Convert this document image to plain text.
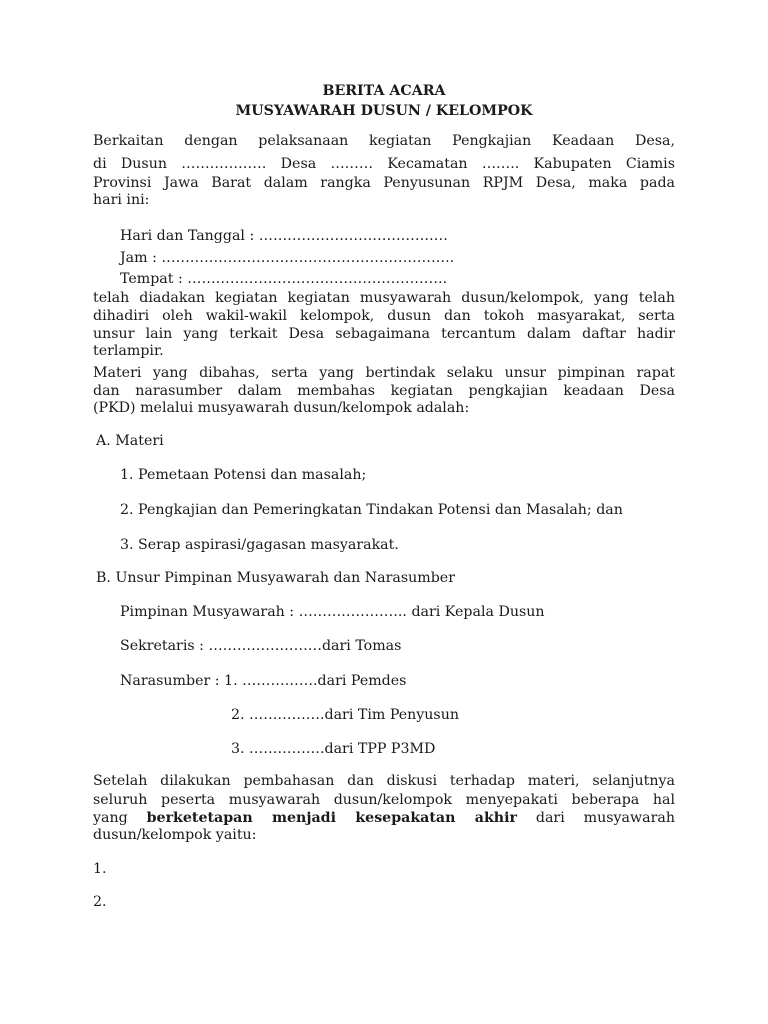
BERITA ACARA
MUSYAWARAH DUSUN / KELOMPOK
Berkaitan dengan pelaksanaan kegiatan Pengkajian Keadaan Desa,
di Dusun ……………… Desa ……… Kecamatan …….. Kabupaten Ciamis
Provinsi Jawa Barat dalam rangka Penyusunan RPJM Desa, maka pada
hari ini:
Hari dan Tanggal : ………………………………….
Jam : ……………………………………………………..
Tempat : ……………………………………………….
telah diadakan kegiatan kegiatan musyawarah dusun/kelompok, yang telah
dihadiri oleh wakil-wakil kelompok, dusun dan tokoh masyarakat, serta
unsur lain yang terkait Desa sebagaimana tercantum dalam daftar hadir
terlampir.
Materi yang dibahas, serta yang bertindak selaku unsur pimpinan rapat
dan narasumber dalam membahas kegiatan pengkajian keadaan Desa
(PKD) melalui musyawarah dusun/kelompok adalah:
A. Materi
1. Pemetaan Potensi dan masalah;
2. Pengkajian dan Pemeringkatan Tindakan Potensi dan Masalah; dan
3. Serap aspirasi/gagasan masyarakat.
B. Unsur Pimpinan Musyawarah dan Narasumber
Pimpinan Musyawarah : ………………….. dari Kepala Dusun
Sekretaris : ……………………dari Tomas
Narasumber : 1. …………….dari Pemdes
2. …………….dari Tim Penyusun
3. …………….dari TPP P3MD
Setelah dilakukan pembahasan dan diskusi terhadap materi, selanjutnya
seluruh peserta musyawarah dusun/kelompok menyepakati beberapa hal
yang berketetapan menjadi kesepakatan akhir dari musyawarah
dusun/kelompok yaitu:
1.
2.
